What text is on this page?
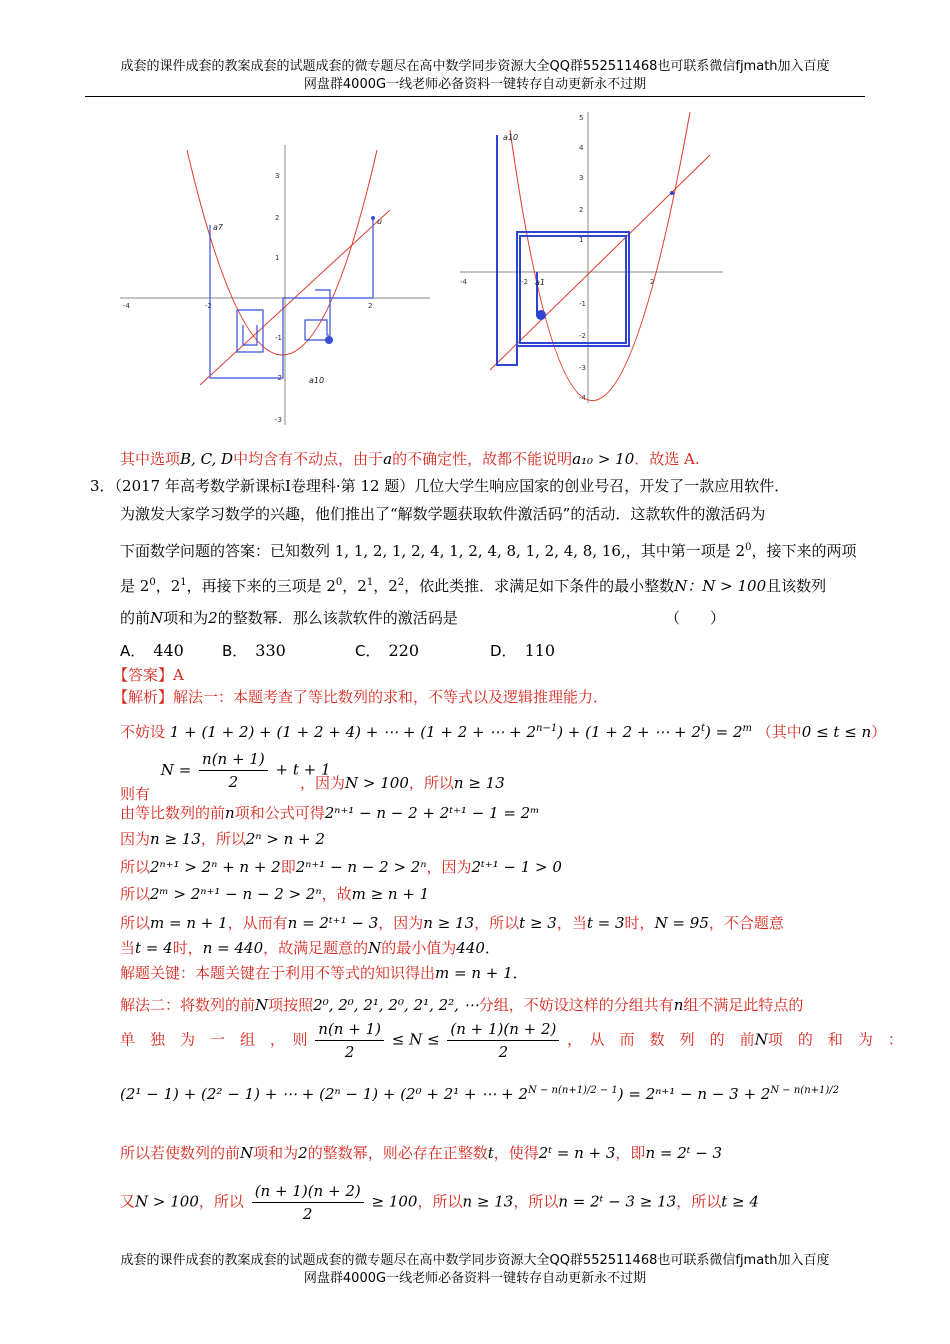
成套的课件成套的教案成套的试题成套的微专题尽在高中数学同步资源大全QQ群552511468也可联系微信fjmath加入百度
网盘群4000G一线老师必备资料一键转存自动更新永不过期
-4	-2	2
3
2
1
-1
-2
-3
a7
u
a10
-4	-2	2
5
4
3
2
1
-1
-2
-3
-4
a10
a1
其中选项B, C, D中均含有不动点，由于a的不确定性，故都不能说明a₁₀ > 10．故选 A.
3．（2017 年高考数学新课标Ⅰ卷理科·第 12 题）几位大学生响应国家的创业号召，开发了一款应用软件．
为激发大家学习数学的兴趣，他们推出了“解数学题获取软件激活码”的活动．这款软件的激活码为
下面数学问题的答案：已知数列 1, 1, 2, 1, 2, 4, 1, 2, 4, 8, 1, 2, 4, 8, 16,，其中第一项是 $2^0$，接下来的两项
是 $2^0$，$2^1$，再接下来的三项是 $2^0$，$2^1$，$2^2$，依此类推．求满足如下条件的最小整数N：N > 100且该数列
的前N项和为2的整数幂．那么该款软件的激活码是	（　　）
A． 440	B． 330	C． 220	D． 110
【答案】A
【解析】解法一：本题考查了等比数列的求和，不等式以及逻辑推理能力．
不妨设 1 + (1 + 2) + (1 + 2 + 4) + ⋯ + (1 + 2 + ⋯ + $2^{n-1}) + (1 + 2$ + ⋯ + $2^t) = 2^m$ （其中0 ≤ t ≤ n）
则有 $N = \frac{n(n + 1)}{2} + t + 1$
，因为N > 100，所以n ≥ 13
由等比数列的前n项和公式可得2ⁿ⁺¹ − n − 2 + 2ᵗ⁺¹ − 1 = 2ᵐ
因为n ≥ 13，所以2ⁿ > n + 2
所以2ⁿ⁺¹ > 2ⁿ + n + 2即2ⁿ⁺¹ − n − 2 > 2ⁿ，因为2ᵗ⁺¹ − 1 > 0
所以2ᵐ > 2ⁿ⁺¹ − n − 2 > 2ⁿ，故m ≥ n + 1
所以m = n + 1，从而有n = 2ᵗ⁺¹ − 3，因为n ≥ 13，所以t ≥ 3，当t = 3时，N = 95，不合题意
当t = 4时，n = 440，故满足题意的N的最小值为440．
解题关键：本题关键在于利用不等式的知识得出m = n + 1．
解法二：将数列的前N项按照2⁰, 2⁰, 2¹, 2⁰, 2¹, 2², ⋯分组，不妨设这样的分组共有n组不满足此特点的
单　独　为　一　组　，　则 $\frac{n(n + 1)}{2} \le N \le \frac{(n + 1)(n + 2)}{2}$ ，　从　而　数　列　的　前N项　的　和　为　：
(2¹ − 1) + (2² − 1) + ⋯ + (2ⁿ − 1) + (2⁰ + 2¹ + ⋯ + $2^{N - n(n+1)/2 - 1}) = 2^{n+1} - n - 3 + 2^{N - n(n+1)/2}$
所以若使数列的前N项和为2的整数幂，则必存在正整数t，使得2ᵗ = n + 3，即n = 2ᵗ − 3
又N > 100，所以 $\frac{(n + 1)(n + 2)}{2} \ge 100$，所以n ≥ 13，所以n = 2ᵗ − 3 ≥ 13，所以t ≥ 4
成套的课件成套的教案成套的试题成套的微专题尽在高中数学同步资源大全QQ群552511468也可联系微信fjmath加入百度
网盘群4000G一线老师必备资料一键转存自动更新永不过期
